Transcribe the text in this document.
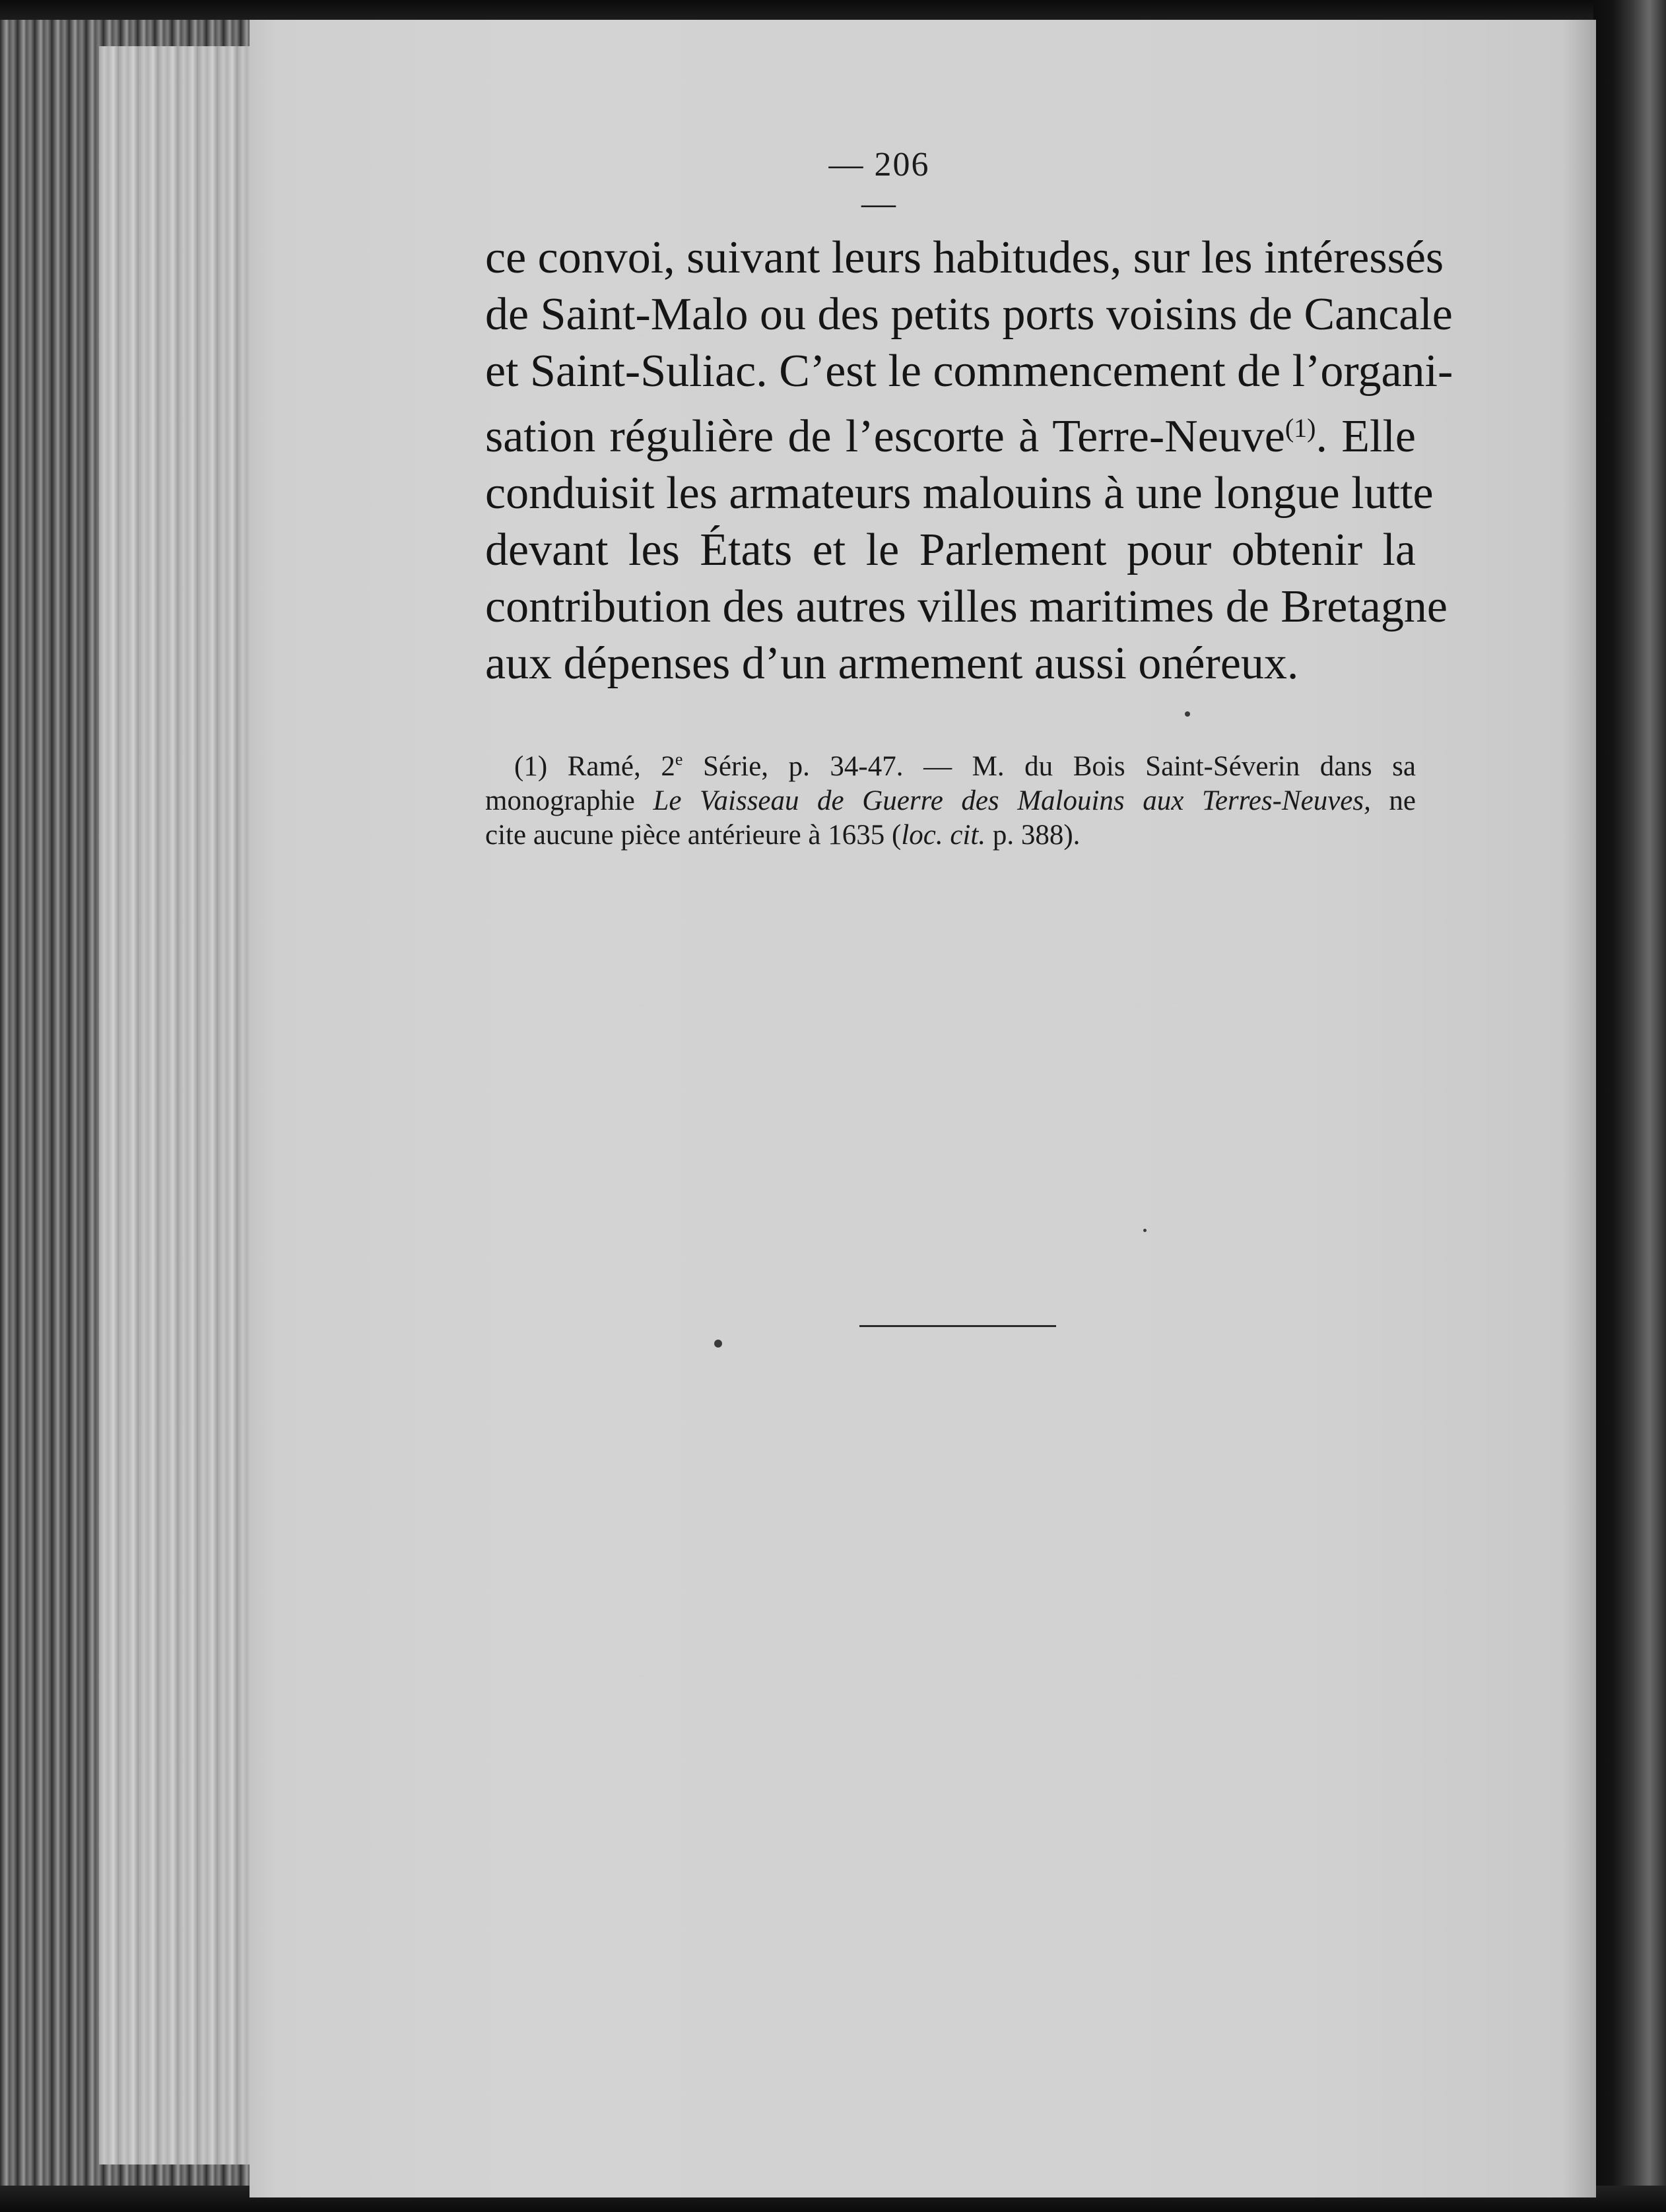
— 206 —
ce convoi, suivant leurs habitudes, sur les intéressés
de Saint-Malo ou des petits ports voisins de Cancale
et Saint-Suliac. C’est le commencement de l’organi-
sation régulière de l’escorte à Terre-Neuve$^{(1)}$. Elle
conduisit les armateurs malouins à une longue lutte
devant les États et le Parlement pour obtenir la
contribution des autres villes maritimes de Bretagne
aux dépenses d’un armement aussi onéreux.
(1) Ramé, 2e Série, p. 34-47. — M. du Bois Saint-Séverin dans sa
monographie Le Vaisseau de Guerre des Malouins aux Terres-Neuves, ne
cite aucune pièce antérieure à 1635 (loc. cit. p. 388).
